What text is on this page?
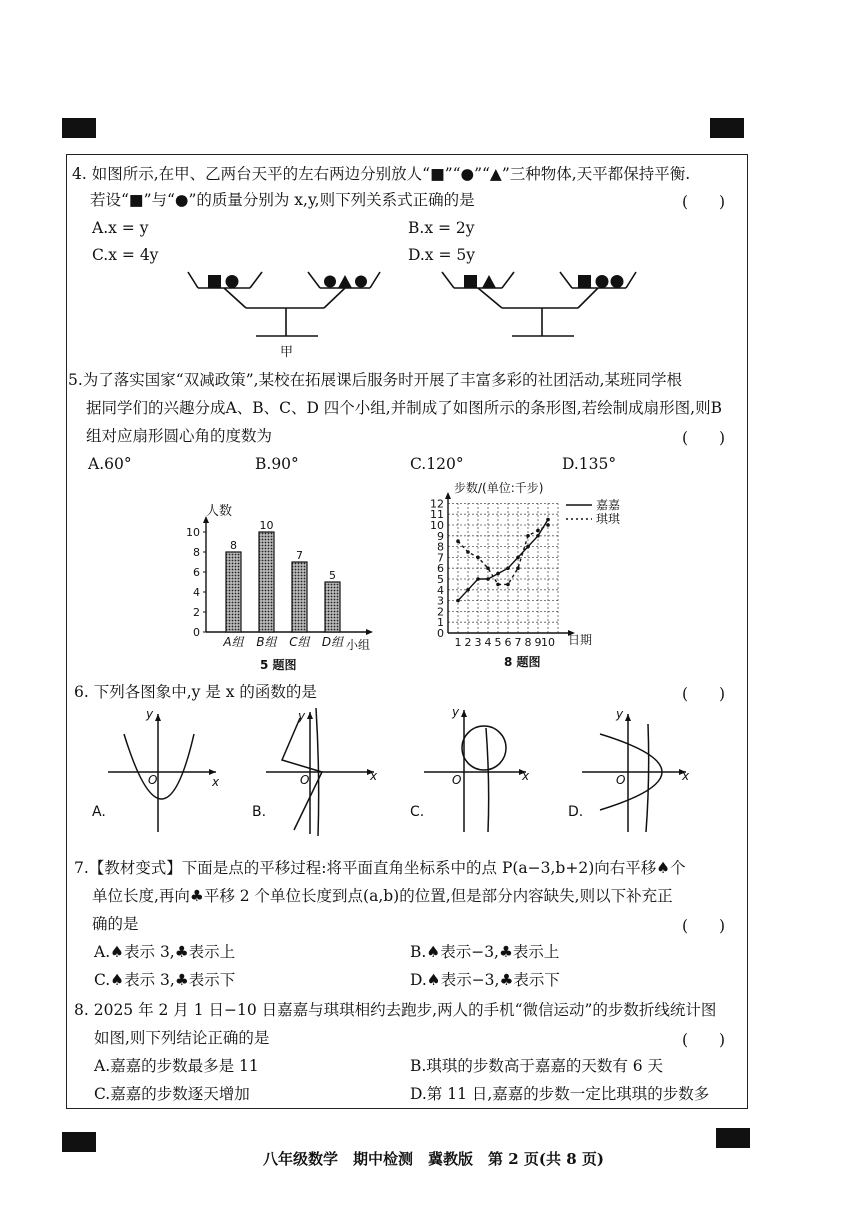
4. 如图所示,在甲、乙两台天平的左右两边分别放人“■”“●”“▲”三种物体,天平都保持平衡.
若设“■”与“●”的质量分别为 x,y,则下列关系式正确的是	(　　)
A.x = y	B.x = 2y
C.x = 4y	D.x = 5y
甲
5.为了落实国家“双减政策”,某校在拓展课后服务时开展了丰富多彩的社团活动,某班同学根
据同学们的兴趣分成A、B、C、D 四个小组,并制成了如图所示的条形图,若绘制成扇形图,则B
组对应扇形圆心角的度数为	(　　)
A.60°	B.90°	C.120°	D.135°
0
2
4
6
8
10
8
A组
10
B组
7
C组
5
D组
人数
小组
5 题图
0
1
2
3
4
5
6
7
8
9
10
11
12
1 2 3 4 5 6 7 8 9 10
步数/(单位:千步)
日期
8 题图
嘉嘉
琪琪
6. 下列各图象中,y 是 x 的函数的是	(　　)
x
y
O
A.
x
y
O
B.
x
y
O
C.
x
y
O
D.
7.【教材变式】下面是点的平移过程:将平面直角坐标系中的点 P(a−3,b+2)向右平移♠个
单位长度,再向♣平移 2 个单位长度到点(a,b)的位置,但是部分内容缺失,则以下补充正
确的是	(　　)
A.♠表示 3,♣表示上	B.♠表示−3,♣表示上
C.♠表示 3,♣表示下	D.♠表示−3,♣表示下
8. 2025 年 2 月 1 日−10 日嘉嘉与琪琪相约去跑步,两人的手机“微信运动”的步数折线统计图
如图,则下列结论正确的是	(　　)
A.嘉嘉的步数最多是 11	B.琪琪的步数高于嘉嘉的天数有 6 天
C.嘉嘉的步数逐天增加	D.第 11 日,嘉嘉的步数一定比琪琪的步数多
八年级数学　期中检测　冀教版　第 2 页(共 8 页)
